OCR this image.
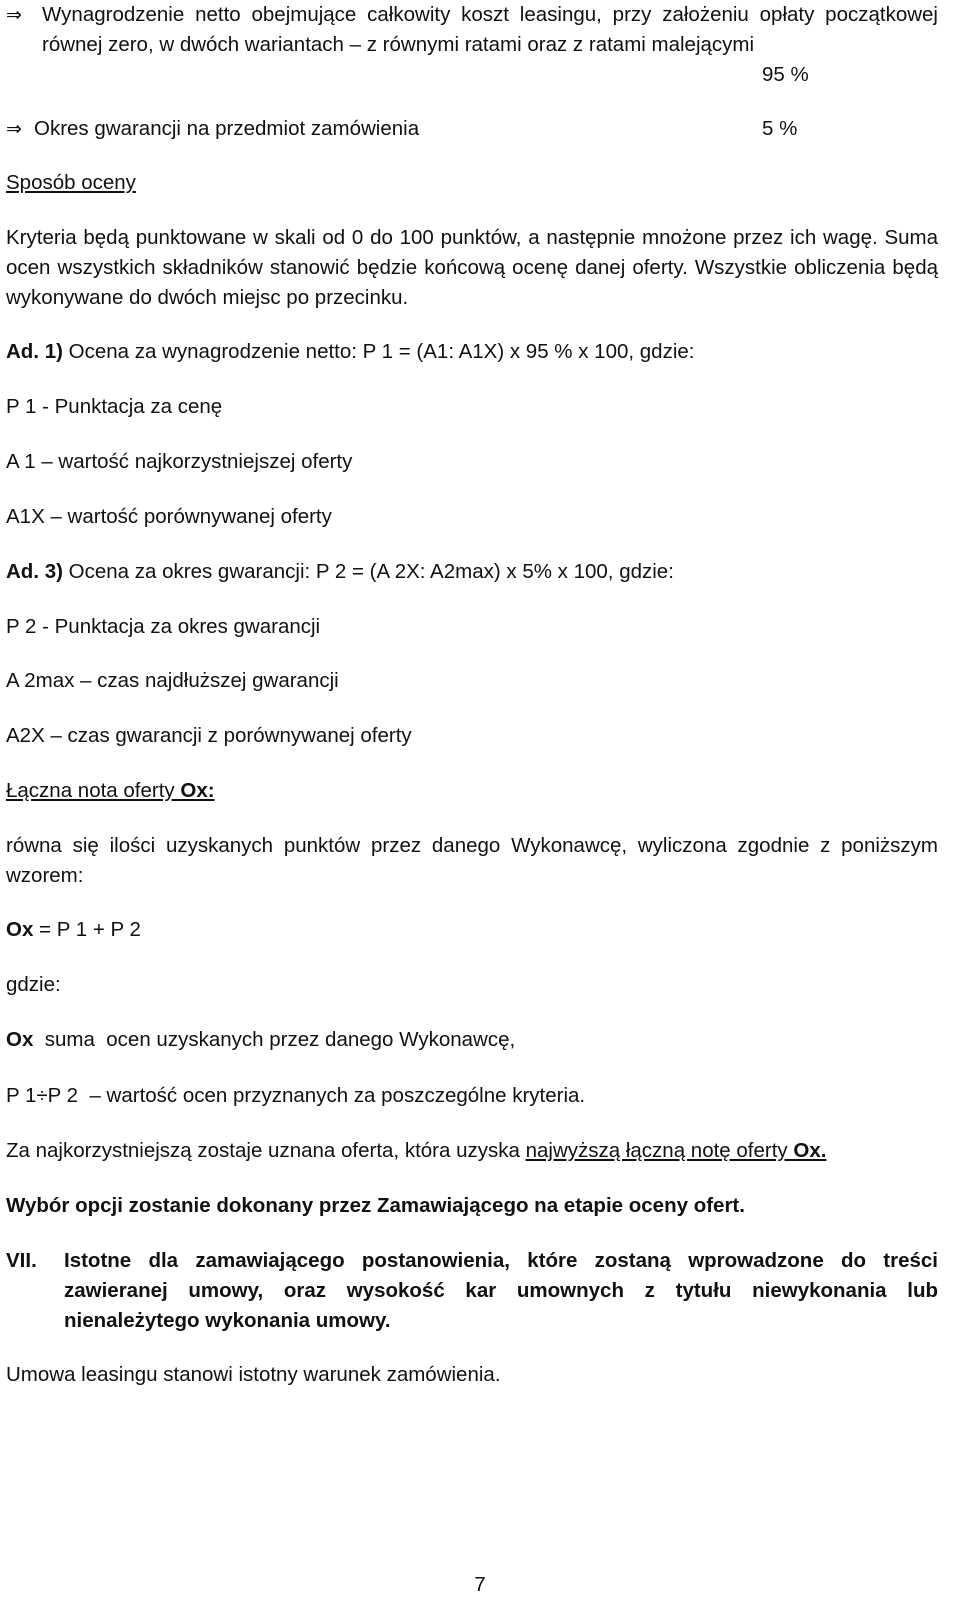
⇒ Wynagrodzenie netto obejmujące całkowity koszt leasingu, przy założeniu opłaty początkowej równej zero, w dwóch wariantach – z równymi ratami oraz z ratami malejącymi
95 %
⇒ Okres gwarancji na przedmiot zamówienia	5 %
Sposób oceny
Kryteria będą punktowane w skali od 0 do 100 punktów, a następnie mnożone przez ich wagę. Suma ocen wszystkich składników stanowić będzie końcową ocenę danej oferty. Wszystkie obliczenia będą wykonywane do dwóch miejsc po przecinku.
Ad. 1) Ocena za wynagrodzenie netto: P 1 = (A1: A1X) x 95 % x 100, gdzie:
P 1 - Punktacja za cenę
A 1 – wartość najkorzystniejszej oferty
A1X – wartość porównywanej oferty
Ad. 3) Ocena za okres gwarancji: P 2 = (A 2X: A2max) x 5% x 100, gdzie:
P 2 - Punktacja za okres gwarancji
A 2max – czas najdłuższej gwarancji
A2X – czas gwarancji z porównywanej oferty
Łączna nota oferty Ox:
równa się ilości uzyskanych punktów przez danego Wykonawcę, wyliczona zgodnie z poniższym wzorem:
Ox = P 1 + P 2
gdzie:
Ox  suma  ocen uzyskanych przez danego Wykonawcę,
P 1÷P 2  – wartość ocen przyznanych za poszczególne kryteria.
Za najkorzystniejszą zostaje uznana oferta, która uzyska najwyższą łączną notę oferty Ox.
Wybór opcji zostanie dokonany przez Zamawiającego na etapie oceny ofert.
VII. Istotne dla zamawiającego postanowienia, które zostaną wprowadzone do treści zawieranej umowy, oraz wysokość kar umownych z tytułu niewykonania lub nienależytego wykonania umowy.
Umowa leasingu stanowi istotny warunek zamówienia.
7
